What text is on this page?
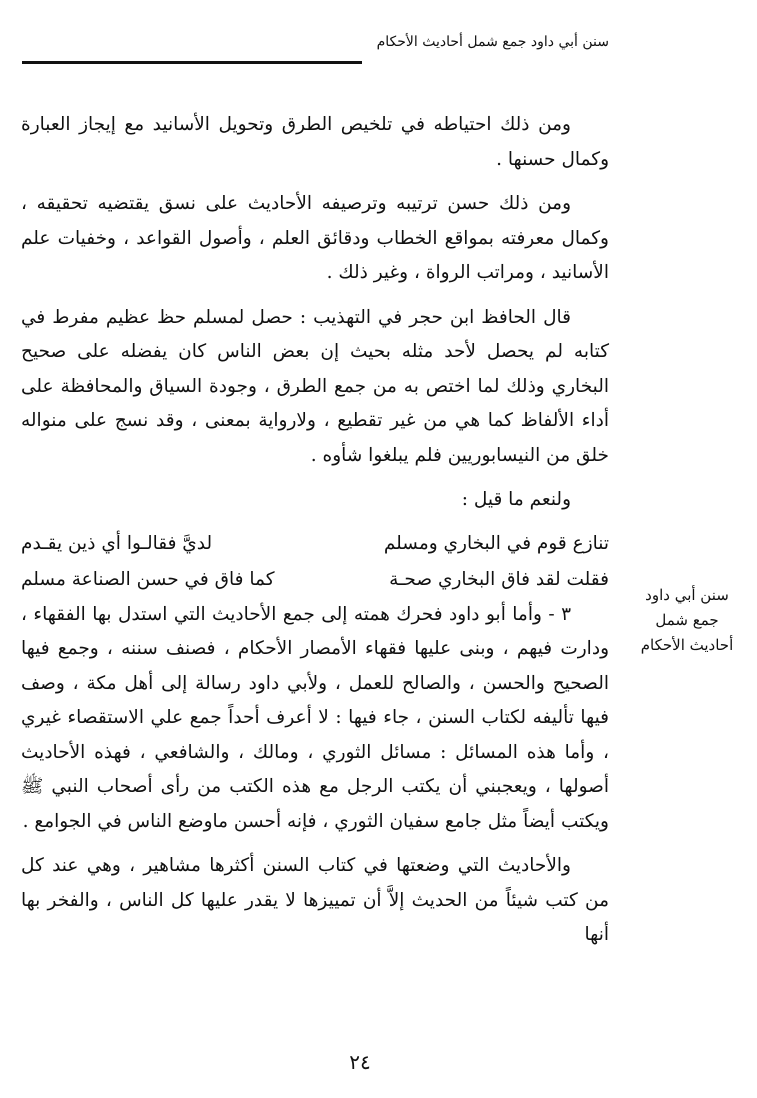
سنن أبي داود جمع شمل أحاديث الأحكام

ومن ذلك احتياطه في تلخيص الطرق وتحويل الأسانيد مع إيجاز العبارة وكمال حسنها .

ومن ذلك حسن ترتيبه وترصيفه الأحاديث على نسق يقتضيه تحقيقه ، وكمال معرفته بمواقع الخطاب ودقائق العلم ، وأصول القواعد ، وخفيات علم الأسانيد ، ومراتب الرواة ، وغير ذلك .

قال الحافظ ابن حجر في التهذيب : حصل لمسلم حظ عظيم مفرط في كتابه لم يحصل لأحد مثله بحيث إن بعض الناس كان يفضله على صحيح البخاري وذلك لما اختص به من جمع الطرق ، وجودة السياق والمحافظة على أداء الألفاظ كما هي من غير تقطيع ، ولارواية بمعنى ، وقد نسج على منواله خلق من النيسابوريين فلم يبلغوا شأوه .

ولنعم ما قيل :

تنازع قوم في البخاري ومسلم
لديَّ فقالـوا أي ذين يقـدم
فقلت لقد فاق البخاري صحـة
كما فاق في حسن الصناعة مسلم

٣ - وأما أبو داود فحرك همته إلى جمع الأحاديث التي استدل بها الفقهاء ، ودارت فيهم ، وبنى عليها فقهاء الأمصار الأحكام ، فصنف سننه ، وجمع فيها الصحيح والحسن ، والصالح للعمل ، ولأبي داود رسالة إلى أهل مكة ، وصف فيها تأليفه لكتاب السنن ، جاء فيها : لا أعرف أحداً جمع علي الاستقصاء غيري ، وأما هذه المسائل : مسائل الثوري ، ومالك ، والشافعي ، فهذه الأحاديث أصولها ، ويعجبني أن يكتب الرجل مع هذه الكتب من رأى أصحاب النبي ﷺ ويكتب أيضاً مثل جامع سفيان الثوري ، فإنه أحسن ماوضع الناس في الجوامع .

والأحاديث التي وضعتها في كتاب السنن أكثرها مشاهير ، وهي عند كل من كتب شيئاً من الحديث إلاَّ أن تمييزها لا يقدر عليها كل الناس ، والفخر بها أنها

سنن أبي داود
جمع شمل
أحاديث الأحكام
٢٤
